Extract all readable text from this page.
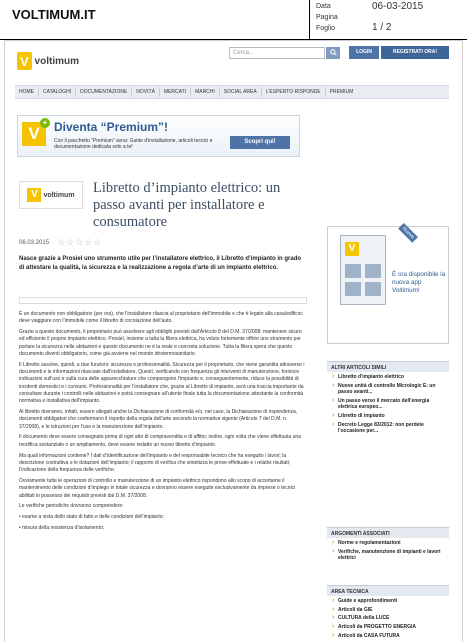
VOLTIMUM.IT
Data	06-03-2015
Pagina
Foglio	1 / 2
V voltimum
Cerca...	LOGIN	REGISTRATI ORA!
HOME	CATALOGHI	DOCUMENTAZIONE	NOVITÀ	MERCATI	MARCHI	SOCIAL AREA	L'ESPERTO RISPONDE	PREMIUM
V
+ Diventa “Premium”!
Con il pacchetto “Premium” avrai: Guide d'installazione, articoli tecnici e documentazione dedicata solo a te!
Scopri qui!
V voltimum Libretto d’impianto elettrico: un passo avanti per installatore e consumatore
06.03.2015 ☆☆☆☆☆
Nasce grazie a Prosiel uno strumento utile per l’installatore elettrico, il Libretto d’impianto in grado di attestare la qualità, la sicurezza e la realizzazione a regola d’arte di un impianto elettrico.

È un documento non obbligatorio (per ora), che l’installatore rilascia al proprietario dell’immobile e che è legato alla casa/edificio: deve viaggiare con l’immobile come il libretto di circolazione dell’auto.

Grazie a questo documento, il proprietario può assolvere agli obblighi previsti dall’Articolo 8 del D.M. 37/2008: mantenere sicuro ed efficiente il proprio impianto elettrico. Prosiel, insieme a tutta la filiera elettrica, ha voluto fortemente offrire uno strumento per portare la sicurezza nelle abitazioni e questo documento ne è la reale e concreta soluzione. Tutta la filiera spera che questo documento diventi obbligatorio, come già avviene nel mondo idrotermosanitario.

Il Libretto assolve, quindi, a due funzioni: sicurezza e professionalità. Sicurezza per il proprietario, che viene garantita attraverso i documenti e le informazioni rilasciate dall’installatore. Questi, verificando con frequenza gli interventi di manutenzione, fornisce indicazioni sull’uso e sulla cura delle apparecchiature che compongono l’impianto e, conseguentemente, riduce la possibilità di incidenti domestici e i consumi. Professionalità per l’installatore che, grazie al Libretto di impianto, avrà una traccia importante da consultare durante i controlli nelle abitazioni e potrà consegnare all’utente finale tutta la documentazione attestante la conformità normativa e installativa dell’impianto.

Al libretto dovranno, infatti, essere allegati anche la Dichiarazione di conformità e/o, nel caso, la Dichiarazione di rispondenza, documenti obbligatori che confermano il rispetto della regola dell’arte secondo la normativa vigente (Articolo 7 del D.M. n. 37/2008), e le istruzioni per l’uso e la manutenzione dell’impianto.

Il documento deve essere consegnato prima di ogni atto di compravendita e di affitto; inoltre, ogni volta che viene effettuata una modifica sostanziale o un ampliamento, deve essere redatto un nuovo libretto d’impianto.

Ma quali informazioni contiene? I dati d’identificazione dell’impianto e del responsabile tecnico che ha eseguito i lavori; la descrizione costruttiva e le dotazioni dell’impianto; il rapporto di verifica che sintetizza le prove effettuate e i relativi risultati; l’indicazione della frequenza delle verifiche.

Ovviamente tutte le operazioni di controllo e manutenzione di un impianto elettrico rispondono allo scopo di accertarne il mantenimento delle condizioni d’impiego in totale sicurezza e dovranno essere eseguite esclusivamente da imprese o tecnici abilitati in possesso dei requisiti previsti dal D.M. 37/2008.

Le verifiche periodiche dovranno comprendere:

• esame a vista dello stato di fatto e delle condizioni dell’impianto;

• misura della resistenza d’isolamento;

V
Nuova
È ora disponibile la nuova app Voltimum!
ALTRI ARTICOLI SIMILI
› Libretto d'impianto elettrico
› Nuove unità di controllo Micrologic E: un passo avanti...
› Un passo verso il mercato dell'energia elettrica europeo...
› Libretto di impianto
› Decreto Legge 83/2012: non perdete l'occasione per...
ARGOMENTI ASSOCIATI
› Norme e regolamentazioni
› Verifiche, manutenzione di impianti e lavori elettrici
AREA TECNICA
› Guide e approfondimenti
› Articoli da GIE
› CULTURA della LUCE
› Articoli da PROGETTO ENERGIA
› Articoli da CASA FUTURA
